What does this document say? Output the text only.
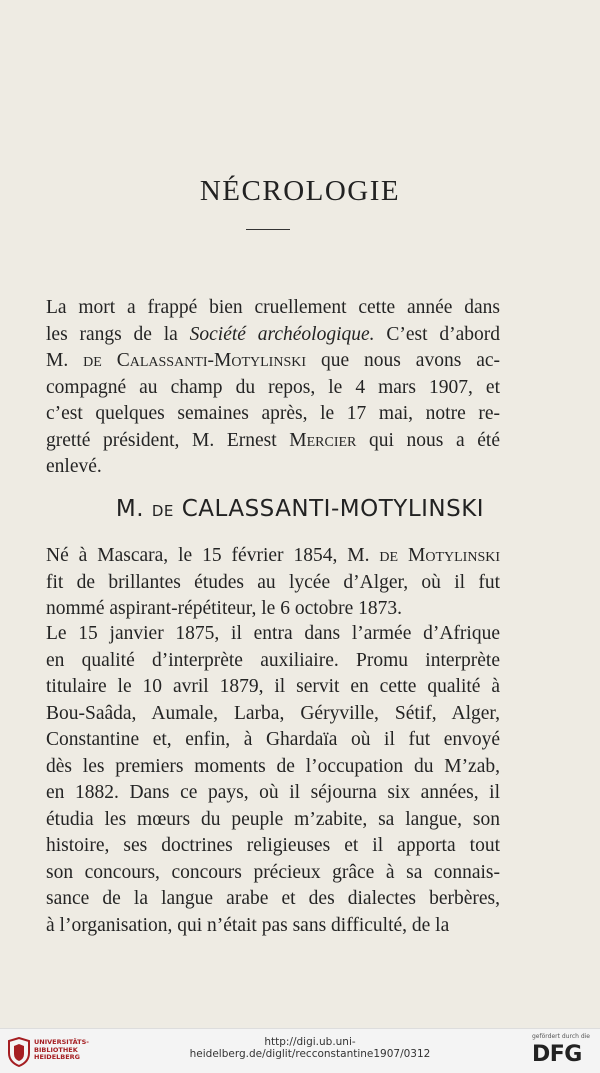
NÉCROLOGIE
La mort a frappé bien cruellement cette année dans
les rangs de la Société archéologique. C’est d’abord
M. de Calassanti-Motylinski que nous avons ac-
compagné au champ du repos, le 4 mars 1907, et
c’est quelques semaines après, le 17 mai, notre re-
gretté président, M. Ernest Mercier qui nous a été
enlevé.
M. de CALASSANTI-MOTYLINSKI
Né à Mascara, le 15 février 1854, M. de Motylinski
fit de brillantes études au lycée d’Alger, où il fut
nommé aspirant-répétiteur, le 6 octobre 1873.
Le 15 janvier 1875, il entra dans l’armée d’Afrique
en qualité d’interprète auxiliaire. Promu interprète
titulaire le 10 avril 1879, il servit en cette qualité à
Bou-Saâda, Aumale, Larba, Géryville, Sétif, Alger,
Constantine et, enfin, à Ghardaïa où il fut envoyé
dès les premiers moments de l’occupation du M’zab,
en 1882. Dans ce pays, où il séjourna six années, il
étudia les mœurs du peuple m’zabite, sa langue, son
histoire, ses doctrines religieuses et il apporta tout
son concours, concours précieux grâce à sa connais-
sance de la langue arabe et des dialectes berbères,
à l’organisation, qui n’était pas sans difficulté, de la
UNIVERSITÄTS-
BIBLIOTHEK
HEIDELBERG
http://digi.ub.uni-heidelberg.de/diglit/recconstantine1907/0312
gefördert durch die
DFG
